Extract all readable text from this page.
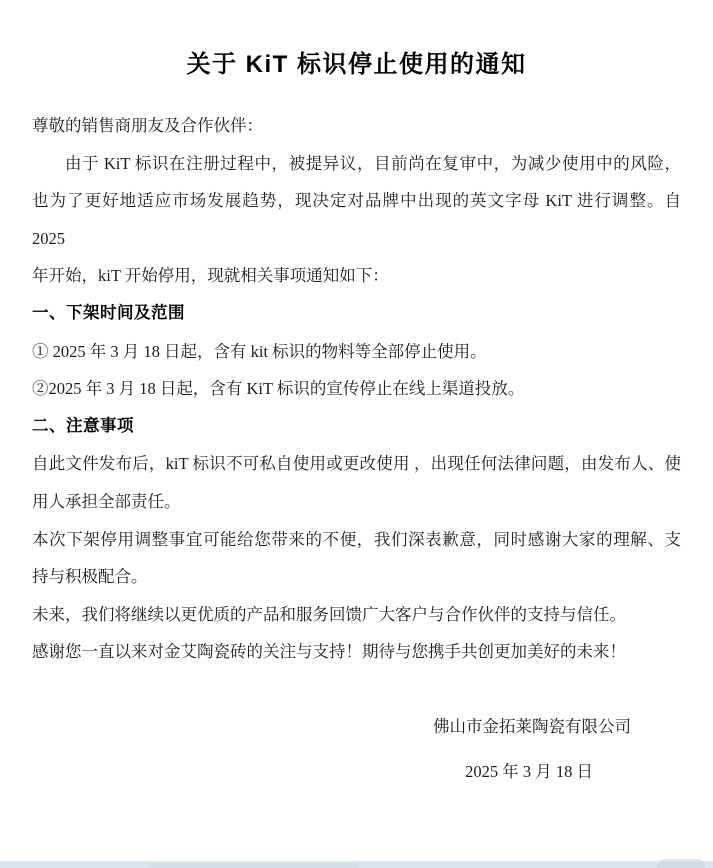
关于 KiT 标识停止使用的通知
尊敬的销售商朋友及合作伙伴：
由于 KiT 标识在注册过程中，被提异议，目前尚在复审中，为减少使用中的风险，
也为了更好地适应市场发展趋势，现决定对品牌中出现的英文字母 KiT 进行调整。自 2025
年开始，kiT 开始停用，现就相关事项通知如下：
一、下架时间及范围
① 2025 年 3 月 18 日起，含有 kit 标识的物料等全部停止使用。
②2025 年 3 月 18 日起，含有 KiT 标识的宣传停止在线上渠道投放。
二、注意事项
自此文件发布后，kiT 标识不可私自使用或更改使用 ，出现任何法律问题，由发布人、使
用人承担全部责任。
本次下架停用调整事宜可能给您带来的不便，我们深表歉意，同时感谢大家的理解、支
持与积极配合。
未来，我们将继续以更优质的产品和服务回馈广大客户与合作伙伴的支持与信任。
感谢您一直以来对金艾陶瓷砖的关注与支持！期待与您携手共创更加美好的未来！
佛山市金拓莱陶瓷有限公司
2025 年 3 月 18 日
